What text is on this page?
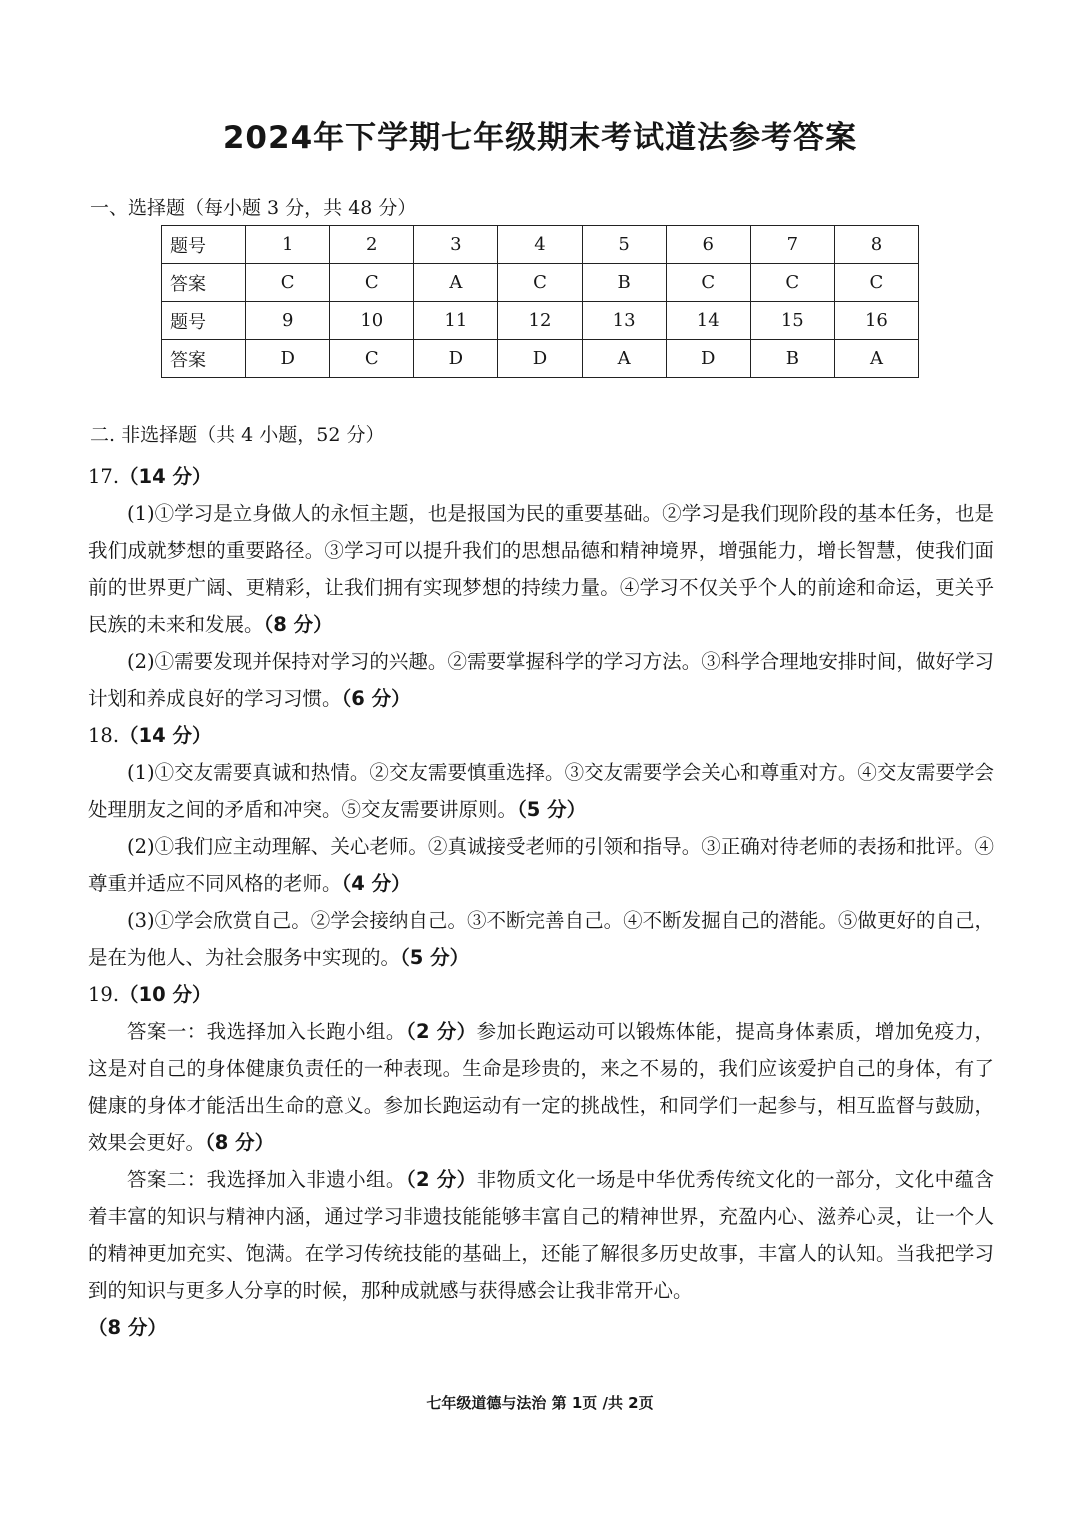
2024年下学期七年级期末考试道法参考答案
一、选择题（每小题 3 分，共 48 分）
题号	1	2	3	4	5	6	7	8
答案	C	C	A	C	B	C	C	C
题号	9	10	11	12	13	14	15	16
答案	D	C	D	D	A	D	B	A
二. 非选择题（共 4 小题，52 分）

17.（14 分）

(1)①学习是立身做人的永恒主题，也是报国为民的重要基础。②学习是我们现阶段的基本任务，也是我们成就梦想的重要路径。③学习可以提升我们的思想品德和精神境界，增强能力，增长智慧，使我们面前的世界更广阔、更精彩，让我们拥有实现梦想的持续力量。④学习不仅关乎个人的前途和命运，更关乎民族的未来和发展。（8 分）

(2)①需要发现并保持对学习的兴趣。②需要掌握科学的学习方法。③科学合理地安排时间，做好学习计划和养成良好的学习习惯。（6 分）

18.（14 分）

(1)①交友需要真诚和热情。②交友需要慎重选择。③交友需要学会关心和尊重对方。④交友需要学会处理朋友之间的矛盾和冲突。⑤交友需要讲原则。（5 分）

(2)①我们应主动理解、关心老师。②真诚接受老师的引领和指导。③正确对待老师的表扬和批评。④尊重并适应不同风格的老师。（4 分）

(3)①学会欣赏自己。②学会接纳自己。③不断完善自己。④不断发掘自己的潜能。⑤做更好的自己，是在为他人、为社会服务中实现的。（5 分）

19.（10 分）

答案一：我选择加入长跑小组。（2 分）参加长跑运动可以锻炼体能，提高身体素质，增加免疫力，这是对自己的身体健康负责任的一种表现。生命是珍贵的，来之不易的，我们应该爱护自己的身体，有了健康的身体才能活出生命的意义。参加长跑运动有一定的挑战性，和同学们一起参与，相互监督与鼓励，效果会更好。（8 分）

答案二：我选择加入非遗小组。（2 分）非物质文化一场是中华优秀传统文化的一部分，文化中蕴含着丰富的知识与精神内涵，通过学习非遗技能能够丰富自己的精神世界，充盈内心、滋养心灵，让一个人的精神更加充实、饱满。在学习传统技能的基础上，还能了解很多历史故事，丰富人的认知。当我把学习到的知识与更多人分享的时候，那种成就感与获得感会让我非常开心。

（8 分）

七年级道德与法治 第 1页 /共 2页
